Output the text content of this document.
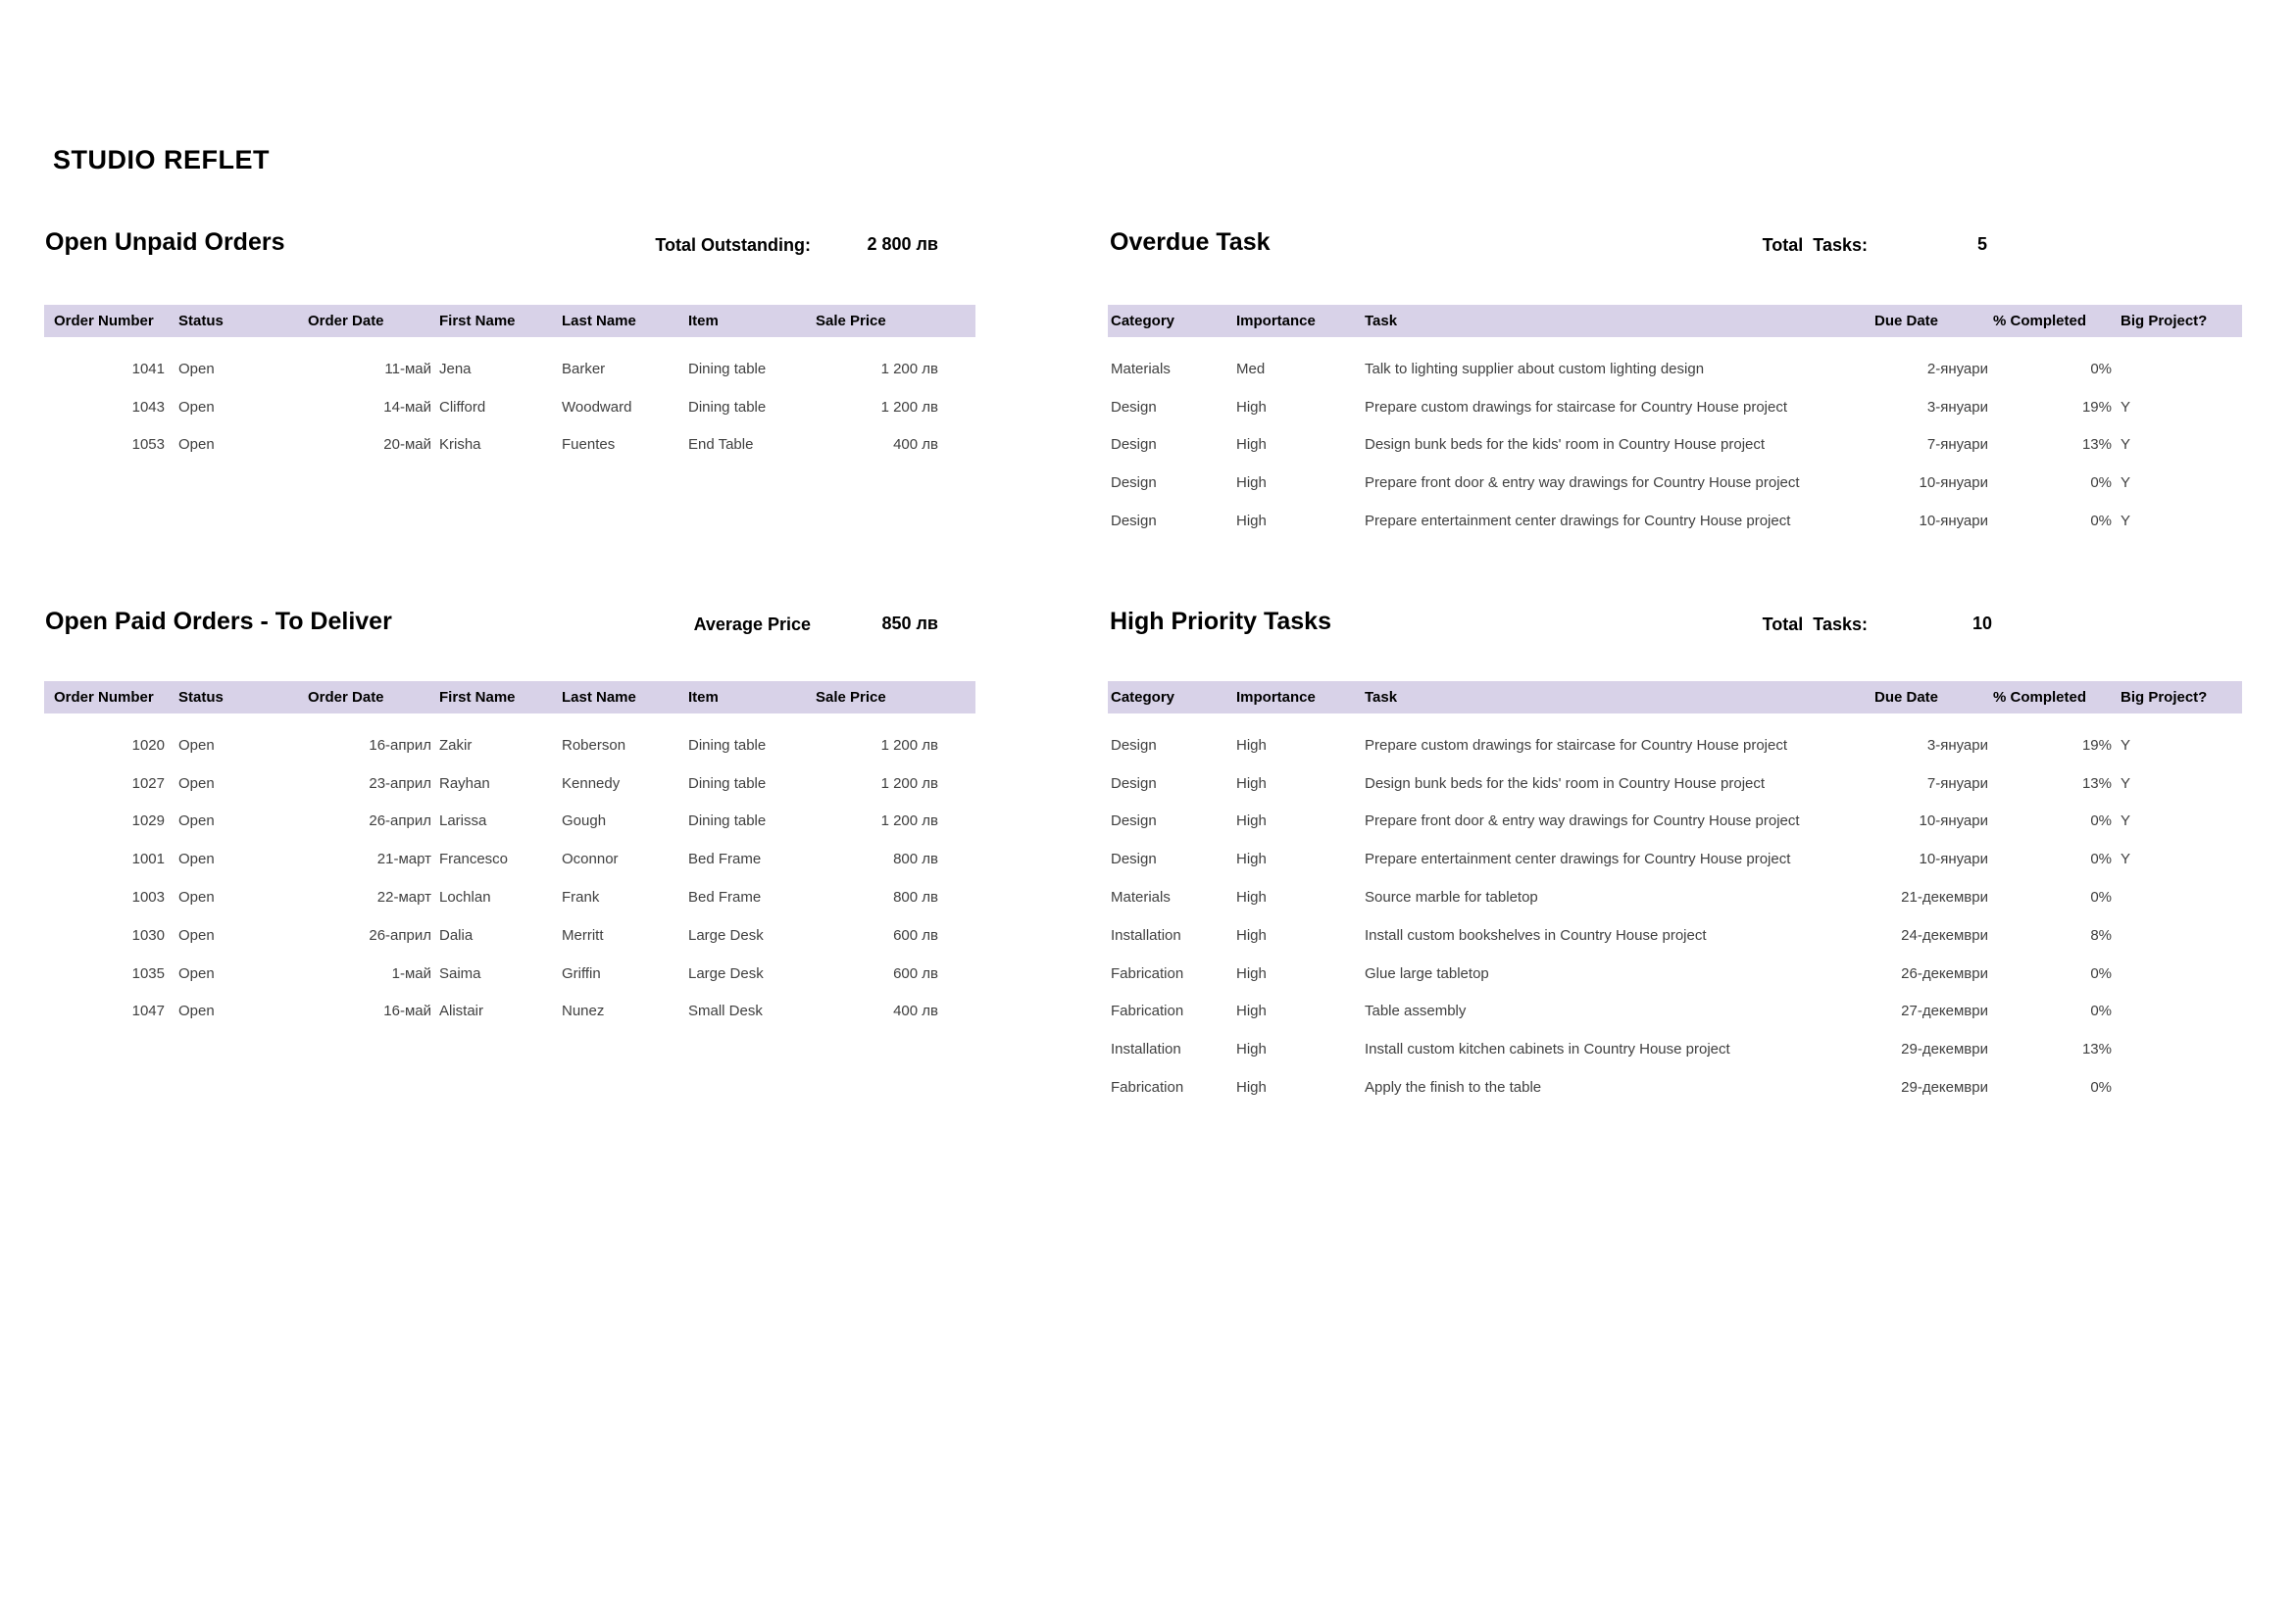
STUDIO REFLET
Open Unpaid Orders	Total Outstanding:	2 800 лв
Order Number	Status	Order Date	First Name	Last Name	Item	Sale Price
1041 Open	11-май Jena	Barker	Dining table	1 200 лв
1043 Open	14-май Clifford	Woodward	Dining table	1 200 лв
1053 Open	20-май Krisha	Fuentes	End Table	400 лв
Open Paid Orders - To Deliver	Average Price	850 лв
Order Number	Status	Order Date	First Name	Last Name	Item	Sale Price
1020 Open	16-април Zakir	Roberson	Dining table	1 200 лв
1027 Open	23-април Rayhan	Kennedy	Dining table	1 200 лв
1029 Open	26-април Larissa	Gough	Dining table	1 200 лв
1001 Open	21-март Francesco	Oconnor	Bed Frame	800 лв
1003 Open	22-март Lochlan	Frank	Bed Frame	800 лв
1030 Open	26-април Dalia	Merritt	Large Desk	600 лв
1035 Open	1-май Saima	Griffin	Large Desk	600 лв
1047 Open	16-май Alistair	Nunez	Small Desk	400 лв
Overdue Task	Total  Tasks:	5
Category	Importance	Task	Due Date	% Completed	Big Project?
Materials	Med	Talk to lighting supplier about custom lighting design	2-януари	0%
Design	High	Prepare custom drawings for staircase for Country House project	3-януари	19% Y
Design	High	Design bunk beds for the kids' room in Country House project	7-януари	13% Y
Design	High	Prepare front door & entry way drawings for Country House project	10-януари	0% Y
Design	High	Prepare entertainment center drawings for Country House project	10-януари	0% Y
High Priority Tasks	Total  Tasks:	10
Category	Importance	Task	Due Date	% Completed	Big Project?
Design	High	Prepare custom drawings for staircase for Country House project	3-януари	19% Y
Design	High	Design bunk beds for the kids' room in Country House project	7-януари	13% Y
Design	High	Prepare front door & entry way drawings for Country House project	10-януари	0% Y
Design	High	Prepare entertainment center drawings for Country House project	10-януари	0% Y
Materials	High	Source marble for tabletop	21-декември	0%
Installation	High	Install custom bookshelves in Country House project	24-декември	8%
Fabrication	High	Glue large tabletop	26-декември	0%
Fabrication	High	Table assembly	27-декември	0%
Installation	High	Install custom kitchen cabinets in Country House project	29-декември	13%
Fabrication	High	Apply the finish to the table	29-декември	0%
